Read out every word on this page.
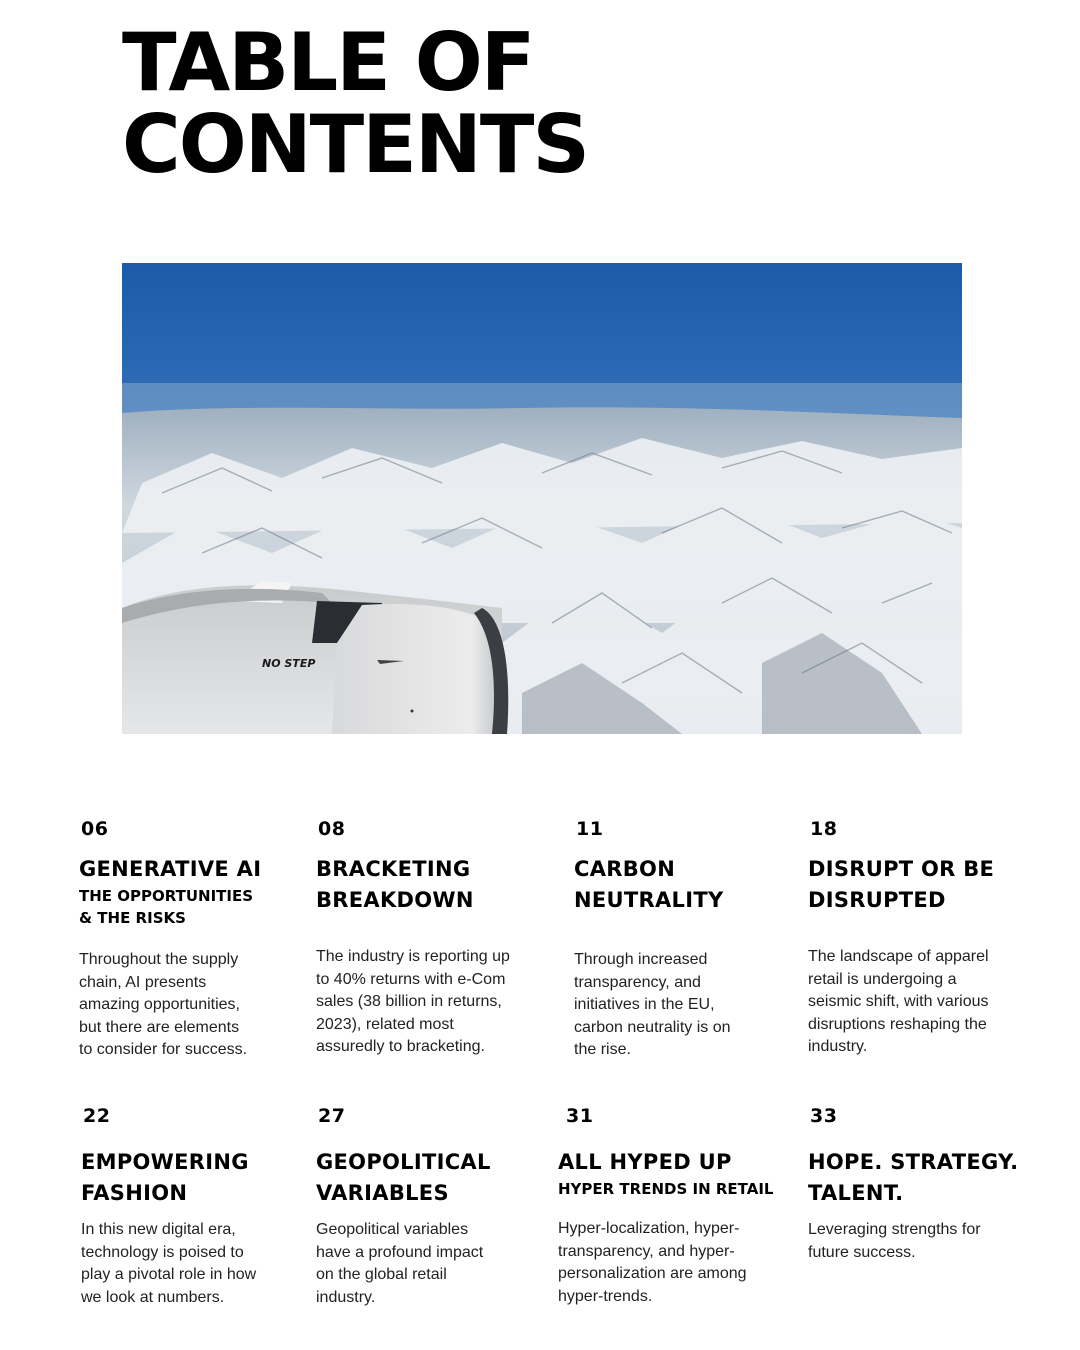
TABLE OF
CONTENTS
NO STEP

06

GENERATIVE AI

THE OPPORTUNITIES
& THE RISKS

Throughout the supply
chain, AI presents
amazing opportunities,
but there are elements
to consider for success.

08

BRACKETING
BREAKDOWN

The industry is reporting up
to 40% returns with e-Com
sales (38 billion in returns,
2023), related most
assuredly to bracketing.

11

CARBON
NEUTRALITY

Through increased
transparency, and
initiatives in the EU,
carbon neutrality is on
the rise.

18

DISRUPT OR BE
DISRUPTED

The landscape of apparel
retail is undergoing a
seismic shift, with various
disruptions reshaping the
industry.

22

EMPOWERING
FASHION

In this new digital era,
technology is poised to
play a pivotal role in how
we look at numbers.

27

GEOPOLITICAL
VARIABLES

Geopolitical variables
have a profound impact
on the global retail
industry.

31

ALL HYPED UP

HYPER TRENDS IN RETAIL

Hyper-localization, hyper-
transparency, and hyper-
personalization are among
hyper-trends.

33

HOPE. STRATEGY.
TALENT.

Leveraging strengths for
future success.
